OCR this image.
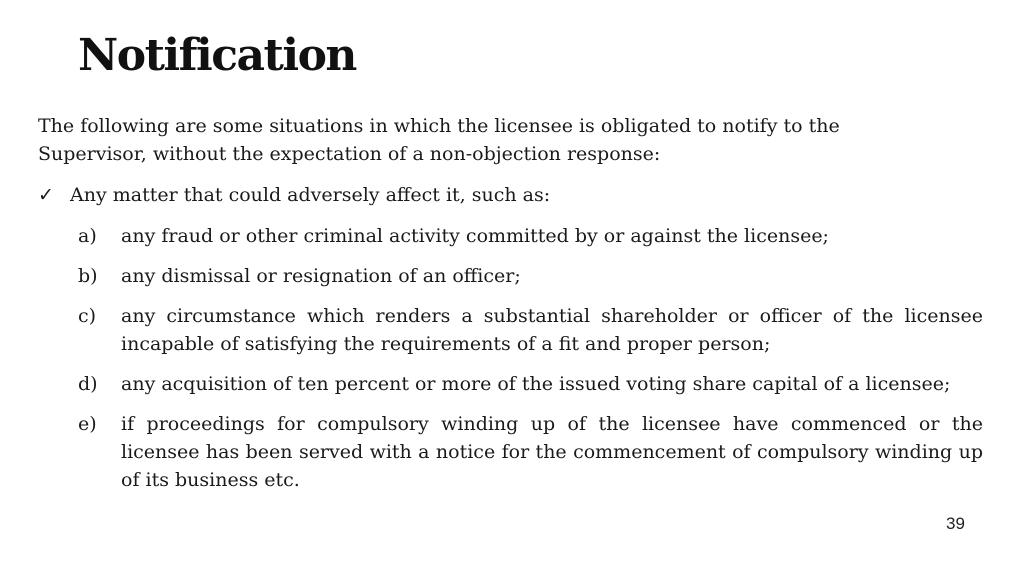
Notification

The following are some situations in which the licensee is obligated to notify to the Supervisor, without the expectation of a non-objection response:

✓ Any matter that could adversely affect it, such as:
a)	any fraud or other criminal activity committed by or against the licensee;
b)	any dismissal or resignation of an officer;
c)	any circumstance which renders a substantial shareholder or officer of the licensee incapable of satisfying the requirements of a fit and proper person;
d)	any acquisition of ten percent or more of the issued voting share capital of a licensee;
e)	if proceedings for compulsory winding up of the licensee have commenced or the licensee has been served with a notice for the commencement of compulsory winding up of its business etc.
39
